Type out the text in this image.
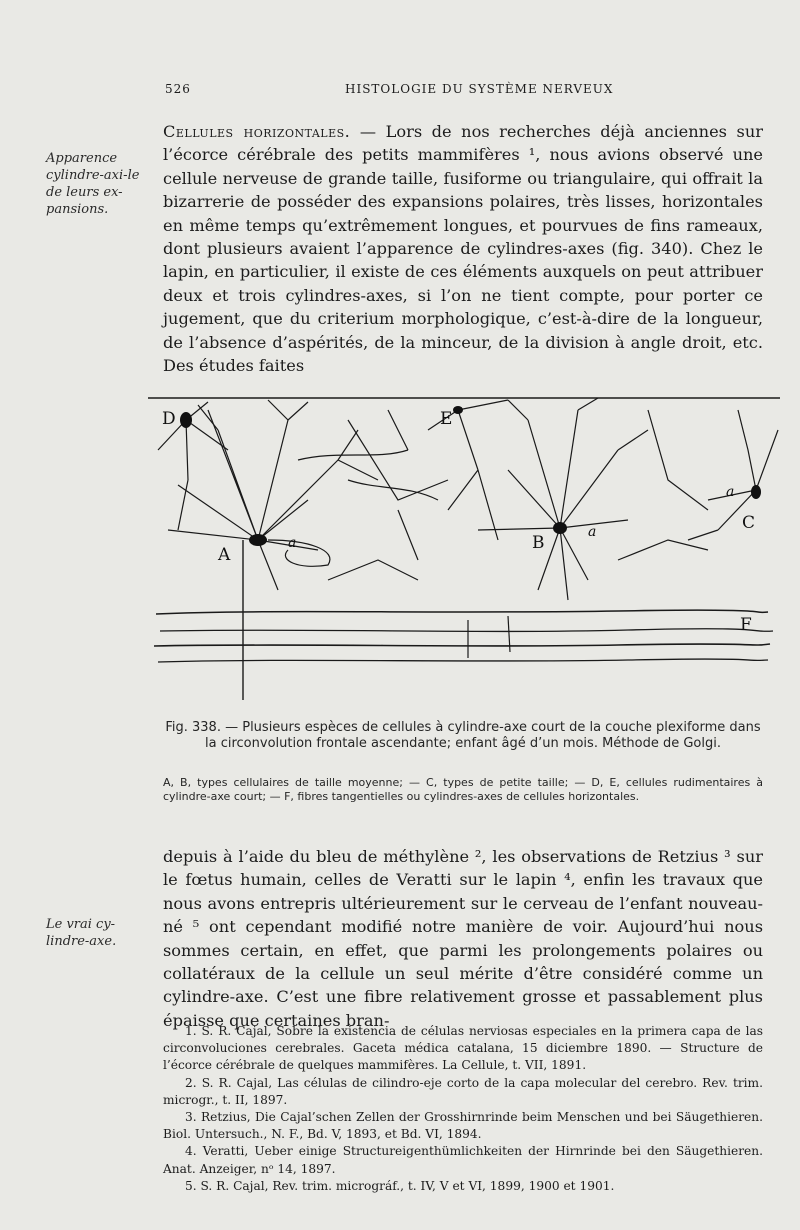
526	HISTOLOGIE DU SYSTÈME NERVEUX
Apparence cylindre-axi-le de leurs ex-pansions.
Le vrai cy-lindre-axe.
Cellules horizontales. — Lors de nos recherches déjà anciennes sur l’écorce cérébrale des petits mammifères ¹, nous avions observé une cellule nerveuse de grande taille, fusiforme ou triangulaire, qui offrait la bizarrerie de posséder des expansions polaires, très lisses, horizontales en même temps qu’extrêmement longues, et pourvues de fins rameaux, dont plusieurs avaient l’apparence de cylindres-axes (fig. 340). Chez le lapin, en particulier, il existe de ces éléments auxquels on peut attribuer deux et trois cylindres-axes, si l’on ne tient compte, pour porter ce jugement, que du criterium morphologique, c’est-à-dire de la longueur, de l’absence d’aspérités, de la minceur, de la division à angle droit, etc. Des études faites
A
B
C
D	E
F
a
a
a
Fig. 338. — Plusieurs espèces de cellules à cylindre-axe court de la couche plexiforme dans la circonvolution frontale ascendante; enfant âgé d’un mois. Méthode de Golgi.
A, B, types cellulaires de taille moyenne; — C, types de petite taille; — D, E, cellules rudimentaires à cylindre-axe court; — F, fibres tangentielles ou cylindres-axes de cellules horizontales.
depuis à l’aide du bleu de méthylène ², les observations de Retzius ³ sur le fœtus humain, celles de Veratti sur le lapin ⁴, enfin les travaux que nous avons entrepris ultérieurement sur le cerveau de l’enfant nouveau-né ⁵ ont cependant modifié notre manière de voir. Aujourd’hui nous sommes certain, en effet, que parmi les prolongements polaires ou collatéraux de la cellule un seul mérite d’être considéré comme un cylindre-axe. C’est une fibre relativement grosse et passablement plus épaisse que certaines bran-

1. S. R. Cajal, Sobre la existencia de células nerviosas especiales en la primera capa de las circonvoluciones cerebrales. Gaceta médica catalana, 15 diciembre 1890. — Structure de l’écorce cérébrale de quelques mammifères. La Cellule, t. VII, 1891.

2. S. R. Cajal, Las células de cilindro-eje corto de la capa molecular del cerebro. Rev. trim. microgr., t. II, 1897.

3. Retzius, Die Cajal’schen Zellen der Grosshirnrinde beim Menschen und bei Säugethieren. Biol. Untersuch., N. F., Bd. V, 1893, et Bd. VI, 1894.

4. Veratti, Ueber einige Structureigenthümlichkeiten der Hirnrinde bei den Säugethieren. Anat. Anzeiger, nᵒ 14, 1897.

5. S. R. Cajal, Rev. trim. micrográf., t. IV, V et VI, 1899, 1900 et 1901.
